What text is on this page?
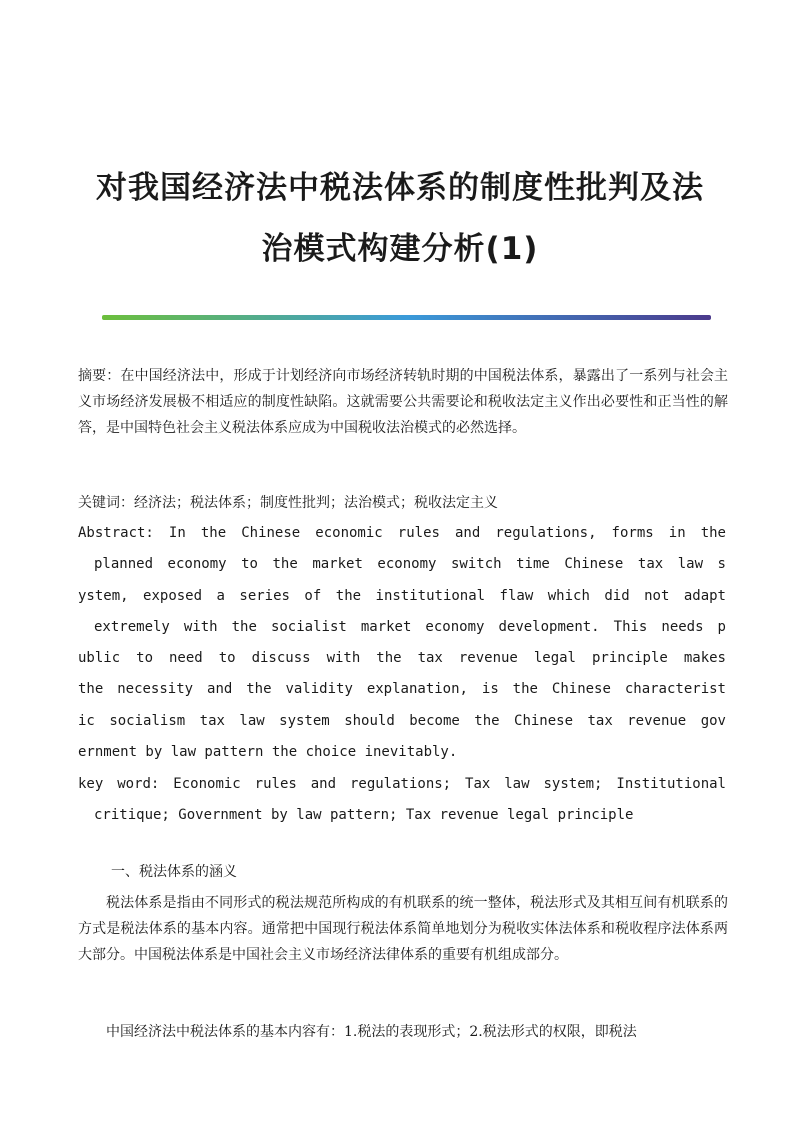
对我国经济法中税法体系的制度性批判及法
治模式构建分析(1)

摘要：在中国经济法中，形成于计划经济向市场经济转轨时期的中国税法体系，暴露出了一系列与社会主义市场经济发展极不相适应的制度性缺陷。这就需要公共需要论和税收法定主义作出必要性和正当性的解答，是中国特色社会主义税法体系应成为中国税收法治模式的必然选择。

关键词：经济法；税法体系；制度性批判；法治模式；税收法定主义

Abstract: In the Chinese economic rules and regulations, forms in the
planned economy to the market economy switch time Chinese tax law s
ystem, exposed a series of the institutional flaw which did not adapt
extremely with the socialist market economy development. This needs p
ublic to need to discuss with the tax revenue legal principle makes
the necessity and the validity explanation, is the Chinese characterist
ic socialism tax law system should become the Chinese tax revenue gov
ernment by law pattern the choice inevitably.
key word: Economic rules and regulations; Tax law system; Institutional
critique; Government by law pattern; Tax revenue legal principle

一、税法体系的涵义

税法体系是指由不同形式的税法规范所构成的有机联系的统一整体，税法形式及其相互间有机联系的方式是税法体系的基本内容。通常把中国现行税法体系简单地划分为税收实体法体系和税收程序法体系两大部分。中国税法体系是中国社会主义市场经济法律体系的重要有机组成部分。

中国经济法中税法体系的基本内容有：1.税法的表现形式；2.税法形式的权限，即税法
